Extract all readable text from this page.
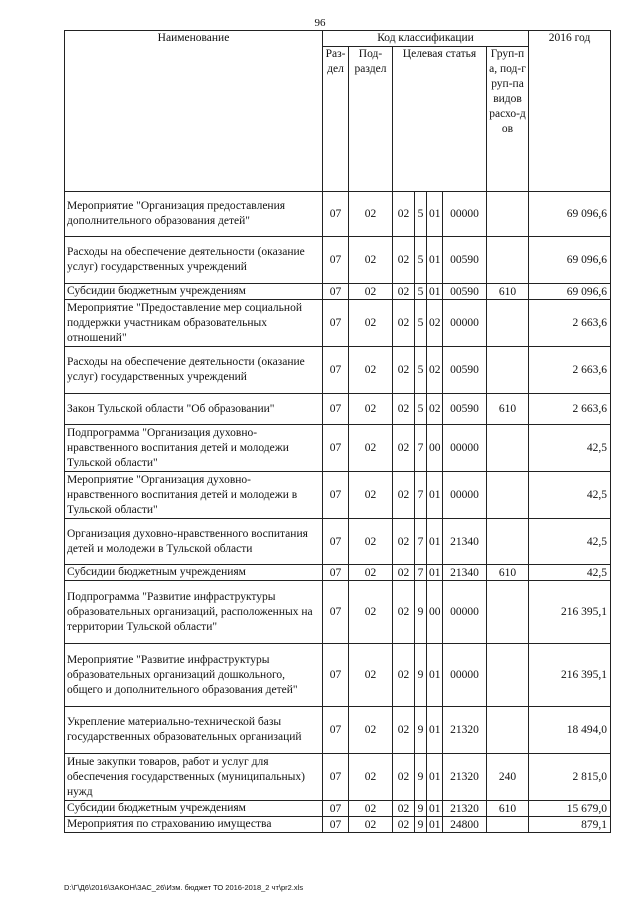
96
Наименование	Код классификации							2016 год
	Раз-дел	Под-раздел	Целевая статья				Груп-па, под-груп-па видов расхо-дов	
Мероприятие "Организация предоставления дополнительного образования детей"	07	02	02	5	01	00000		69 096,6
Расходы на обеспечение деятельности (оказание услуг) государственных учреждений	07	02	02	5	01	00590		69 096,6
Субсидии бюджетным учреждениям	07	02	02	5	01	00590	610	69 096,6
Мероприятие "Предоставление мер социальной поддержки участникам образовательных отношений"	07	02	02	5	02	00000		2 663,6
Расходы на обеспечение деятельности (оказание услуг) государственных учреждений	07	02	02	5	02	00590		2 663,6
Закон Тульской области "Об образовании"	07	02	02	5	02	00590	610	2 663,6
Подпрограмма "Организация духовно-нравственного воспитания детей и молодежи Тульской области"	07	02	02	7	00	00000		42,5
Мероприятие "Организация духовно-нравственного воспитания детей и молодежи в Тульской области"	07	02	02	7	01	00000		42,5
Организация духовно-нравственного воспитания детей и молодежи в Тульской области	07	02	02	7	01	21340		42,5
Субсидии бюджетным учреждениям	07	02	02	7	01	21340	610	42,5
Подпрограмма "Развитие инфраструктуры образовательных организаций, расположенных на территории Тульской области"	07	02	02	9	00	00000		216 395,1
Мероприятие "Развитие инфраструктуры образовательных организаций дошкольного, общего и дополнительного образования детей"	07	02	02	9	01	00000		216 395,1
Укрепление материально-технической базы государственных образовательных организаций	07	02	02	9	01	21320		18 494,0
Иные закупки товаров, работ и услуг для обеспечения государственных (муниципальных) нужд	07	02	02	9	01	21320	240	2 815,0
Субсидии бюджетным учреждениям	07	02	02	9	01	21320	610	15 679,0
Мероприятия по страхованию имущества	07	02	02	9	01	24800		879,1
D:\Г\Д6\2016\ЗАКОН\ЗАС_26\Изм. бюджет ТО 2016-2018_2 чт\pr2.xls
